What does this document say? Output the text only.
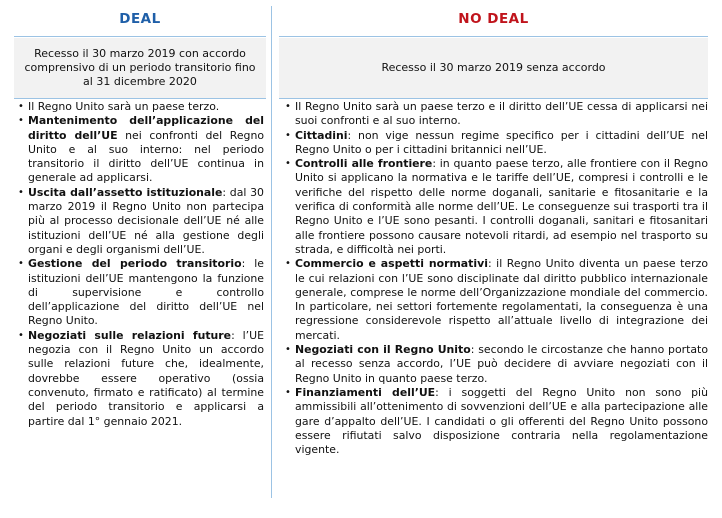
DEAL	NO DEAL
Recesso il 30 marzo 2019 con accordo comprensivo di un periodo transitorio fino al 31 dicembre 2020
Recesso il 30 marzo 2019 senza accordo
• Il Regno Unito sarà un paese terzo.
• Mantenimento dell’applicazione del diritto dell’UE nei confronti del Regno Unito e al suo interno: nel periodo transitorio il diritto dell’UE continua in generale ad applicarsi.
• Uscita dall’assetto istituzionale: dal 30 marzo 2019 il Regno Unito non partecipa più al processo decisionale dell’UE né alle istituzioni dell’UE né alla gestione degli organi e degli organismi dell’UE.
• Gestione del periodo transitorio: le istituzioni dell’UE mantengono la funzione di supervisione e controllo dell’applicazione del diritto dell’UE nel Regno Unito.
• Negoziati sulle relazioni future: l’UE negozia con il Regno Unito un accordo sulle relazioni future che, idealmente, dovrebbe essere operativo (ossia convenuto, firmato e ratificato) al termine del periodo transitorio e applicarsi a partire dal 1° gennaio 2021.
• Il Regno Unito sarà un paese terzo e il diritto dell’UE cessa di applicarsi nei suoi confronti e al suo interno.
• Cittadini: non vige nessun regime specifico per i cittadini dell’UE nel Regno Unito o per i cittadini britannici nell’UE.
• Controlli alle frontiere: in quanto paese terzo, alle frontiere con il Regno Unito si applicano la normativa e le tariffe dell’UE, compresi i controlli e le verifiche del rispetto delle norme doganali, sanitarie e fitosanitarie e la verifica di conformità alle norme dell’UE. Le conseguenze sui trasporti tra il Regno Unito e l’UE sono pesanti. I controlli doganali, sanitari e fitosanitari alle frontiere possono causare notevoli ritardi, ad esempio nel trasporto su strada, e difficoltà nei porti.
• Commercio e aspetti normativi: il Regno Unito diventa un paese terzo le cui relazioni con l’UE sono disciplinate dal diritto pubblico internazionale generale, comprese le norme dell’Organizzazione mondiale del commercio. In particolare, nei settori fortemente regolamentati, la conseguenza è una regressione considerevole rispetto all’attuale livello di integrazione dei mercati.
• Negoziati con il Regno Unito: secondo le circostanze che hanno portato al recesso senza accordo, l’UE può decidere di avviare negoziati con il Regno Unito in quanto paese terzo.
• Finanziamenti dell’UE: i soggetti del Regno Unito non sono più ammissibili all’ottenimento di sovvenzioni dell’UE e alla partecipazione alle gare d’appalto dell’UE. I candidati o gli offerenti del Regno Unito possono essere rifiutati salvo disposizione contraria nella regolamentazione vigente.
